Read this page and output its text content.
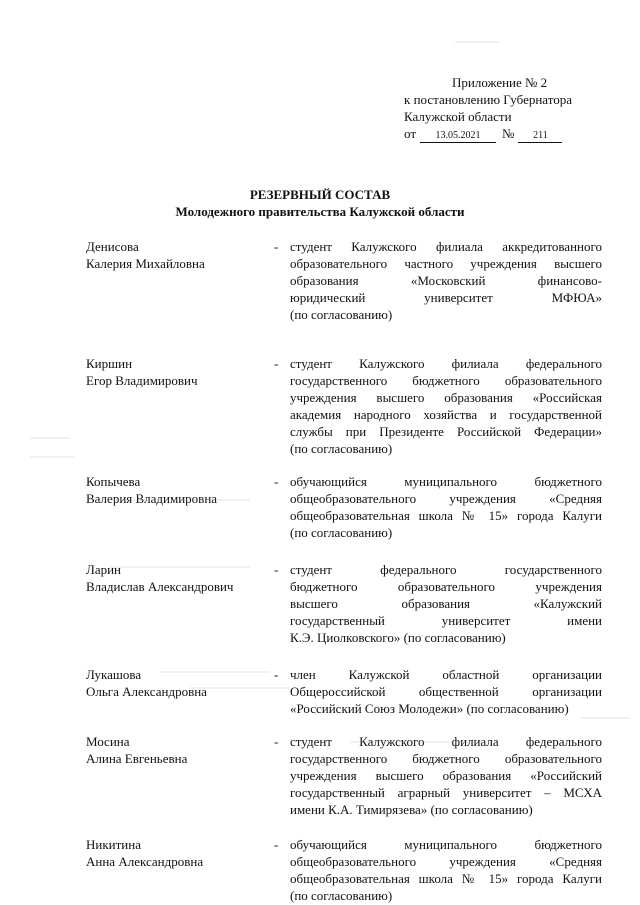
Приложение № 2
к постановлению Губернатора
Калужской области
от 13.05.2021 № 211
РЕЗЕРВНЫЙ СОСТАВ
Молодежного правительства Калужской области
Денисова
Калерия Михайловна
- студент Калужского филиала аккредитованного
образовательного частного учреждения высшего
образования «Московский финансово-
юридический университет МФЮА»
(по согласованию)
Киршин
Егор Владимирович
- студент Калужского филиала федерального
государственного бюджетного образовательного
учреждения высшего образования «Российская
академия народного хозяйства и государственной
службы при Президенте Российской Федерации»
(по согласованию)
Копычева
Валерия Владимировна
- обучающийся муниципального бюджетного
общеобразовательного учреждения «Средняя
общеобразовательная школа № 15» города Калуги
(по согласованию)
Ларин
Владислав Александрович
- студент федерального государственного
бюджетного образовательного учреждения
высшего образования «Калужский
государственный университет имени
К.Э. Циолковского» (по согласованию)
Лукашова
Ольга Александровна
- член Калужской областной организации
Общероссийской общественной организации
«Российский Союз Молодежи» (по согласованию)
Мосина
Алина Евгеньевна
- студент Калужского филиала федерального
государственного бюджетного образовательного
учреждения высшего образования «Российский
государственный аграрный университет – МСХА
имени К.А. Тимирязева» (по согласованию)
Никитина
Анна Александровна
- обучающийся муниципального бюджетного
общеобразовательного учреждения «Средняя
общеобразовательная школа № 15» города Калуги
(по согласованию)
